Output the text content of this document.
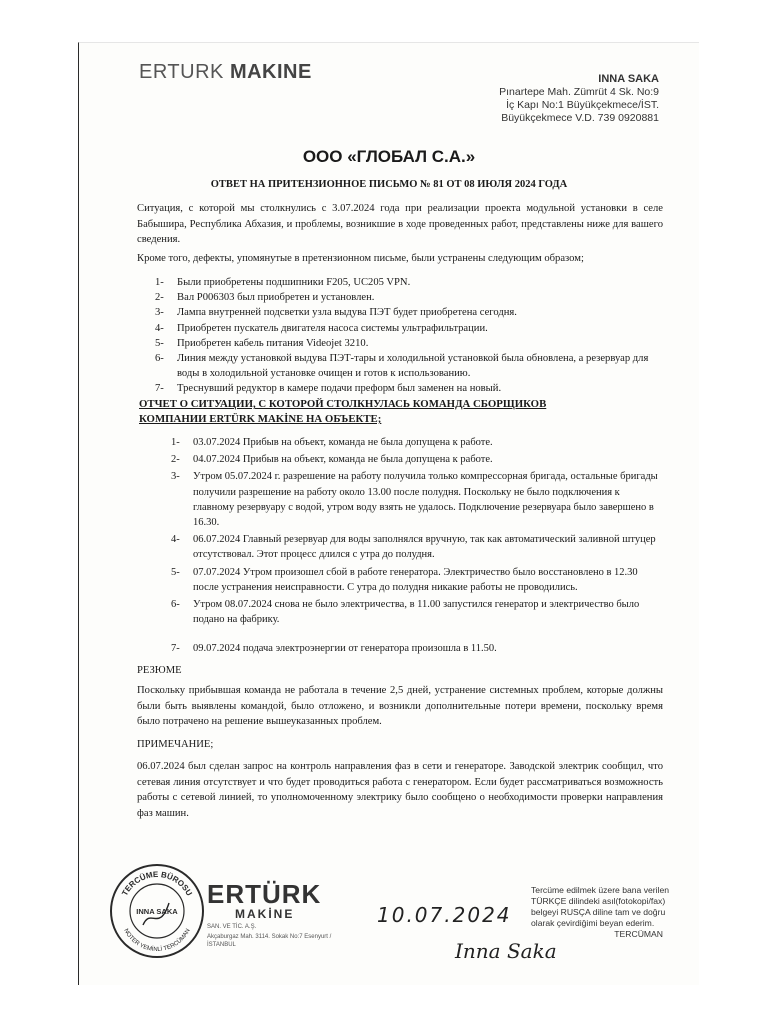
ERTURK MAKINE	INNA SAKA
Pınartepe Mah. Zümrüt 4 Sk. No:9
İç Kapı No:1 Büyükçekmece/İST.
Büyükçekmece V.D. 739 0920881
ООО «ГЛОБАЛ С.А.»
ОТВЕТ НА ПРИТЕНЗИОННОЕ ПИСЬМО № 81 ОТ 08 ИЮЛЯ 2024 ГОДА
Ситуация, с которой мы столкнулись с 3.07.2024 года при реализации проекта модульной установки в селе Бабышира, Республика Абхазия, и проблемы, возникшие в ходе проведенных работ, представлены ниже для вашего сведения.
Кроме того, дефекты, упомянутые в претензионном письме, были устранены следующим образом;
1- Были приобретены подшипники F205, UC205 VPN.
2- Вал P006303 был приобретен и установлен.
3- Лампа внутренней подсветки узла выдува ПЭТ будет приобретена сегодня.
4- Приобретен пускатель двигателя насоса системы ультрафильтрации.
5- Приобретен кабель питания Videojet 3210.
6- Линия между установкой выдува ПЭТ-тары и холодильной установкой была обновлена, а резервуар для воды в холодильной установке очищен и готов к использованию.
7- Треснувший редуктор в камере подачи преформ был заменен на новый.
ОТЧЕТ О СИТУАЦИИ, С КОТОРОЙ СТОЛКНУЛАСЬ КОМАНДА СБОРЩИКОВ КОМПАНИИ ERTÜRK MAKİNE НА ОБЪЕКТЕ;
1- 03.07.2024 Прибыв на объект, команда не была допущена к работе.
2- 04.07.2024 Прибыв на объект, команда не была допущена к работе.
3- Утром 05.07.2024 г. разрешение на работу получила только компрессорная бригада, остальные бригады получили разрешение на работу около 13.00 после полудня. Поскольку не было подключения к главному резервуару с водой, утром воду взять не удалось. Подключение резервуара было завершено в 16.30.
4- 06.07.2024 Главный резервуар для воды заполнялся вручную, так как автоматический заливной штуцер отсутствовал. Этот процесс длился с утра до полудня.
5- 07.07.2024 Утром произошел сбой в работе генератора. Электричество было восстановлено в 12.30 после устранения неисправности. С утра до полудня никакие работы не проводились.
6- Утром 08.07.2024 снова не было электричества, в 11.00 запустился генератор и электричество было подано на фабрику.
7- 09.07.2024 подача электроэнергии от генератора произошла в 11.50.
РЕЗЮМЕ
Поскольку прибывшая команда не работала в течение 2,5 дней, устранение системных проблем, которые должны были быть выявлены командой, было отложено, и возникли дополнительные потери времени, поскольку время было потрачено на решение вышеуказанных проблем.
ПРИМЕЧАНИЕ;
06.07.2024 был сделан запрос на контроль направления фаз в сети и генераторе. Заводской электрик сообщил, что сетевая линия отсутствует и что будет проводиться работа с генератором. Если будет рассматриваться возможность работы с сетевой линией, то уполномоченному электрику было сообщено о необходимости проверки направления фаз машин.
TERCÜME BÜROSU
NOTER YEMİNLİ TERCÜMAN
INNA SAKA
ERTÜRK
MAKİNE
SAN. VE TİC. A.Ş.
Akçaburgaz Mah. 3114. Sokak No:7 Esenyurt / İSTANBUL
10.07.2024
Inna Saka
Tercüme edilmek üzere bana verilen TÜRKÇE dilindeki asıl(fotokopi/fax) belgeyi RUSÇA diline tam ve doğru olarak çevirdiğimi beyan ederim.
TERCÜMAN
